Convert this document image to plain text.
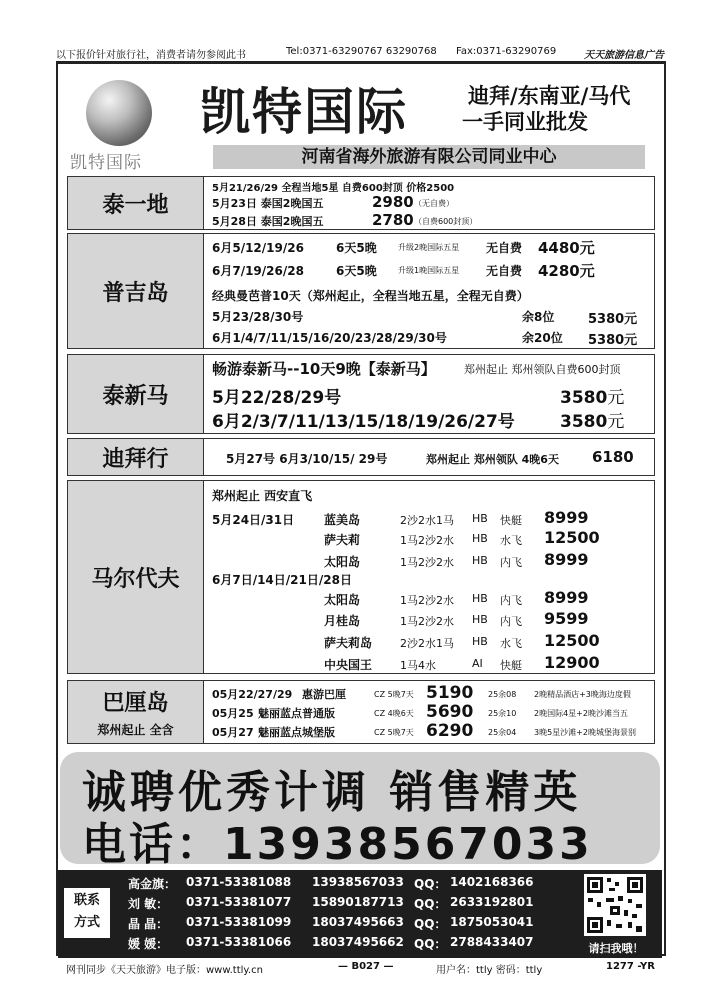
以下报价针对旅行社，消费者请勿参阅此书	Tel:0371-63290767 63290768 Fax:0371-63290769	天天旅游信息广告
凯特国际
凯特国际	迪拜/东南亚/马代
一手同业批发
河南省海外旅游有限公司同业中心
泰一地
5月21/26/29 全程当地5星 自费600封顶 价格2500
5月23日 泰国2晚国五	2980 （无自费）
5月28日 泰国2晚国五	2780 （自费600封顶）
普吉岛
6月5/12/19/26	6天5晚	升级2晚国际五星 无自费 4480元
6月7/19/26/28	6天5晚	升级1晚国际五星 无自费 4280元
经典曼芭普10天（郑州起止，全程当地五星，全程无自费）
5月23/28/30号	余8位	5380元
6月1/4/7/11/15/16/20/23/28/29/30号	余20位 5380元
泰新马
畅游泰新马--10天9晚【泰新马】	郑州起止 郑州领队自费600封顶
5月22/28/29号	3580元
6月2/3/7/11/13/15/18/19/26/27号	3580元
迪拜行	5月27号 6月3/10/15/ 29号	郑州起止 郑州领队 4晚6天 6180
马尔代夫
郑州起止 西安直飞
5月24日/31日 蓝美岛	2沙2水1马 HB 快艇 8999
萨夫莉	1马2沙2水 HB 水飞 12500
太阳岛	1马2沙2水 HB 内飞 8999
6月7日/14日/21日/28日
太阳岛	1马2沙2水 HB 内飞 8999
月桂岛	1马2沙2水 HB 内飞 9599
萨夫莉岛	2沙2水1马 HB 水飞 12500
中央国王	1马4水	AI 快艇 12900
巴厘岛
郑州起止 全含
05月22/27/29 惠游巴厘	CZ 5晚7天 5190 25余08 2晚精品酒店+3晚海边度假
05月25 魅丽蓝点普通版	CZ 4晚6天 5690 25余10 2晚国际4星+2晚沙滩当五
05月27 魅丽蓝点城堡版	CZ 5晚7天 6290 25余04 3晚5星沙滩+2晚城堡海景别
诚聘优秀计调 销售精英
电话：13938567033
联系
方式
高金旗： 0371-53381088 13938567033 QQ： 1402168366
刘 敏： 0371-53381077 15890187713 QQ： 2633192801
晶 晶： 0371-53381099 18037495663 QQ： 1875053041
媛 媛： 0371-53381066 18037495662 QQ： 2788433407	请扫我哦！
网刊同步《天天旅游》电子版：www.ttly.cn	— B027 —	用户名：ttly 密码：ttly	1277 -YR
